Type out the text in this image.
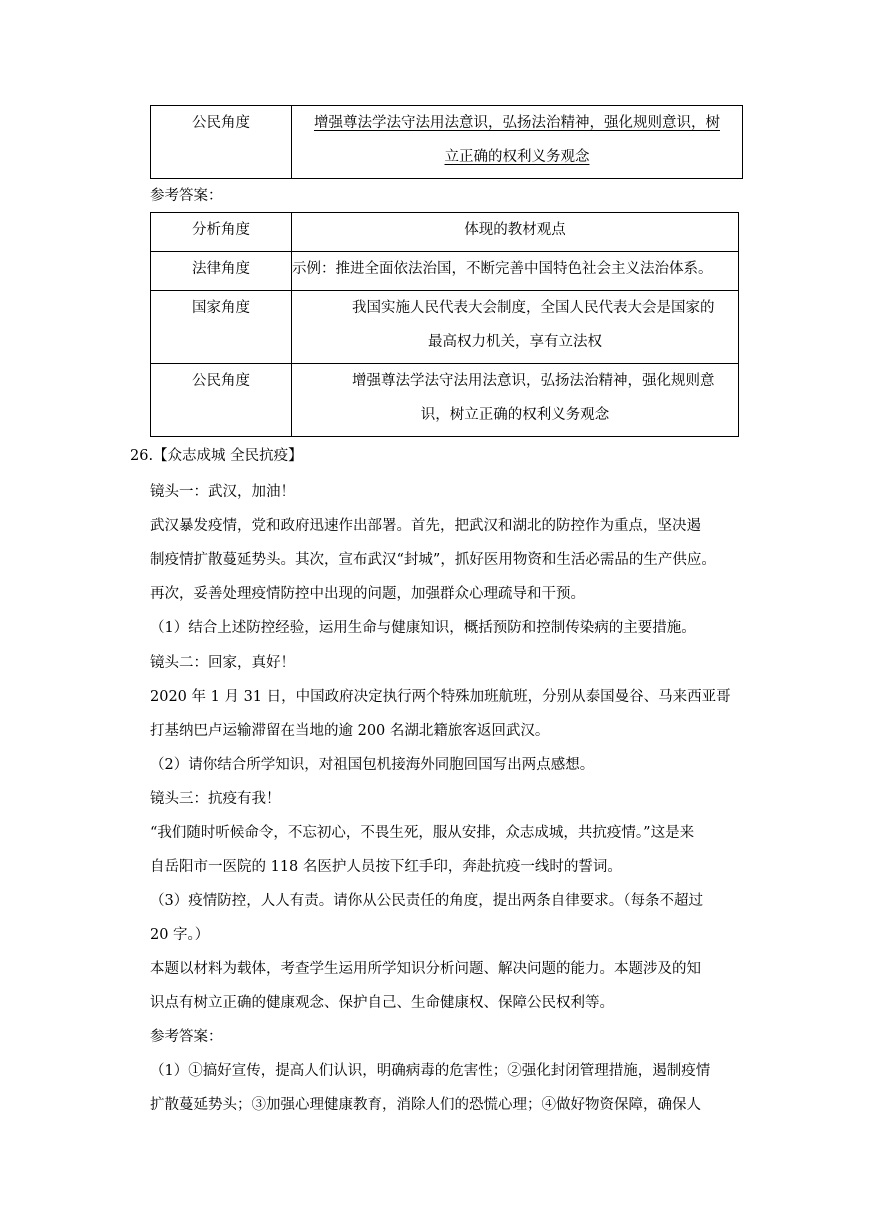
公民角度	增强尊法学法守法用法意识，弘扬法治精神，强化规则意识，树
立正确的权利义务观念
参考答案：
分析角度	体现的教材观点
法律角度	示例：推进全面依法治国，不断完善中国特色社会主义法治体系。
国家角度	我国实施人民代表大会制度，全国人民代表大会是国家的
最高权力机关，享有立法权

公民角度	增强尊法学法守法用法意识，弘扬法治精神，强化规则意
识，树立正确的权利义务观念
26.【众志成城 全民抗疫】
镜头一：武汉，加油！
武汉暴发疫情，党和政府迅速作出部署。首先，把武汉和湖北的防控作为重点，坚决遏
制疫情扩散蔓延势头。其次，宣布武汉“封城”，抓好医用物资和生活必需品的生产供应。
再次，妥善处理疫情防控中出现的问题，加强群众心理疏导和干预。
（1）结合上述防控经验，运用生命与健康知识，概括预防和控制传染病的主要措施。
镜头二：回家，真好！
2020 年 1 月 31 日，中国政府决定执行两个特殊加班航班，分别从泰国曼谷、马来西亚哥
打基纳巴卢运输滞留在当地的逾 200 名湖北籍旅客返回武汉。
（2）请你结合所学知识，对祖国包机接海外同胞回国写出两点感想。
镜头三：抗疫有我！
“我们随时听候命令，不忘初心，不畏生死，服从安排，众志成城，共抗疫情。”这是来
自岳阳市一医院的 118 名医护人员按下红手印，奔赴抗疫一线时的誓词。
（3）疫情防控，人人有责。请你从公民责任的角度，提出两条自律要求。（每条不超过
20 字。）
本题以材料为载体，考查学生运用所学知识分析问题、解决问题的能力。本题涉及的知
识点有树立正确的健康观念、保护自己、生命健康权、保障公民权利等。
参考答案：
（1）①搞好宣传，提高人们认识，明确病毒的危害性；②强化封闭管理措施，遏制疫情
扩散蔓延势头；③加强心理健康教育，消除人们的恐慌心理；④做好物资保障，确保人
